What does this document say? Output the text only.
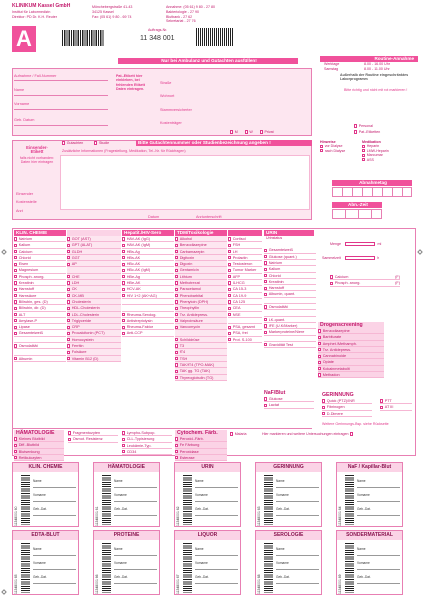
KLINIKUM Kassel GmbH
Institut für Labormedizin
Direktor: PD Dr. K.H. Reuter
Mönchebergstraße 41-43
34125 Kassel
Fax: (05 61) 9 80 - 69 74
Annahme: (05 61) 9 80 - 27 80
Bakteriologie - 27 90
Blutbank - 27 62
Sekretariat - 27 76
A	Auftrags-Nr.
11 348 001
Nur bei Ambulanz und Gutachten ausfüllen!	Routine-Annahme
Werktage	8.00 - 16.00 Uhr
Samstag	8.00 - 11.00 Uhr
Außerhalb der Routine eingeschränktes Laborprogramm
Bitte richtig und nicht mit rot markieren !
Aufnahme / Fall-Nummer
Name
Vorname
Geb. Datum
Pat.-Etikett hier einkleben, bei fehlenden Etikett Daten eintragen.
Straße
Wohnort
Stammversicherter
Kostenträger
M	W	Privat
Personal
Pat.-Etiketten
Einsender-Etikett
falls nicht vorhanden: Daten hier eintragen
Einsender
Kostenstelle
Arzt
Gutachten	Studie	Bitte Gutachtennummer oder Studienbezeichnung angeben !
Zusätzliche Informationen (Fragestellung, Medikation, Tel.-Nr. für Rückfragen)
Datum	Arztunterschrift
Hinweise
vor Dialyse
nach Dialyse
Medikation
Heparin
LMW-Heparin
Marcumar
ASS
Abnahmetag
Abn.-Zeit
KLIN. CHEMIE
Natrium
Kalium
Calcium
Chlorid
Eisen
Magnesium
Phosph. anorg.
Kreatinin
Harnstoff
Harnsäure
Bilirubin, ges. (D)
Bilirubin, dir. (D)
ALT
Amylase-P
Lipase
Gesamteiweiß
Osmolalität
Albumin

GOT (AST)
GPT (ALAT)
GLDH
GGT
AP
CHE
LDH
CK
CK-MB
Cholesterin
HDL-Cholesterin
LDL-Cholesterin
Triglyceride
CRP
Procalcitonin (PCT)
Homocystein
Ferritin
Folsäure
Vitamin B12 (D)
Hepatit./HIV-Sero
HAV-AK (IgG)
HAV-AK (IgM)
HBs-Ag
HBs-AK
HBc-AK
HBc-AK (IgM)
HBe-Ag
HBe-AK
HCV-AK
HIV 1+2 (AK+AG)
Rheuma-Serolog.
Antistreptolysin
Rheuma-Faktor
Anti-CCP
TDM/Toxikologie
Alkohol
Benzodiazepine
Carbamazepin
Digitoxin
Digoxin
Gentamicin
Lithium
Methotrexat
Paracetamol
Phenobarbital
Phenytoin (DPH)
Theophyllin
Trz. Antidepress.
Valproinsäure
Vancomycin
Schilddrüse
T3
fT4
TSH
TAK/fT4 (TPO-MAK)
TAK gg. TG (TAK)
Thyreoglobulin (TG)

Cortisol
FSH
LH
Prolactin
Testosteron
Tumor Marker
AFP
ß-HCG
CA 15-3
CA 19-9
CA 125
CEA
NSE
PSA, gesamt
PSA, frei
Prot. S-100
URIN
Urinstatus
Menge	ml
Sammelzeit	h
Gesamteiweiß
Glukose (quant.)
Natrium
Kalium
Chlorid
Kreatinin
Harnstoff
Albumin, quant.
Osmolalität
LK-quant.
IFE (U.K/Marker)
Markerproteine/Niere
Gravidität Test
Calcium	(F)
Phosph. anorg.	(F)
Drogenscreening
Benzodiazepine
Barbiturate
Amphet./Methamph.
Trz. Antidepress.
Cannabinoide
Opiate
Kokainmetabolit
Methadon
NaF/Blut
Glukose
Lactat
GERINNUNG
Quick (PTZ)/INR
Fibrinogen
D-Dimere
PTT
AT III
Weitere Gerinnungs-Bsp. siehe Rückseite
HÄMATOLOGIE
Kleines Blutbild
Diff.-Blutbild
Blutsenkung
Retikulozyten
Fragmentozyten
Osmot. Resistenz
Lympho-Subpop.
CLL-Typisierung
Leukämie-Typ.
CD34
Cytochem. Färb.
Peroxid.-Färb.
Fe Färbung
Peroxidase
Esterase
Malaria	Hier markieren und weitere Untersuchungen eintragen
KLIN. CHEMIE
11348001 60
Name
Vorname
Geb.-Dat.
HÄMATOLOGIE
11348001 61
Name
Vorname
Geb.-Dat.
URIN
11348001 62
Name
Vorname
Geb.-Dat.
GERINNUNG
11348001 63
Name
Vorname
Geb.-Dat.
NaF / Kapillar-Blut
11348001 64
Name
Vorname
Geb.-Dat.
EDTA-BLUT
11348001 65
Name
Vorname
Geb.-Dat.
PROTEINE
11348001 66
Name
Vorname
Geb.-Dat.
LIQUOR
11348001 67
Name
Vorname
Geb.-Dat.
SEROLOGIE
11348001 68
Name
Vorname
Geb.-Dat.
SONDERMATERIAL
11348001 69
Name
Vorname
Geb.-Dat.
